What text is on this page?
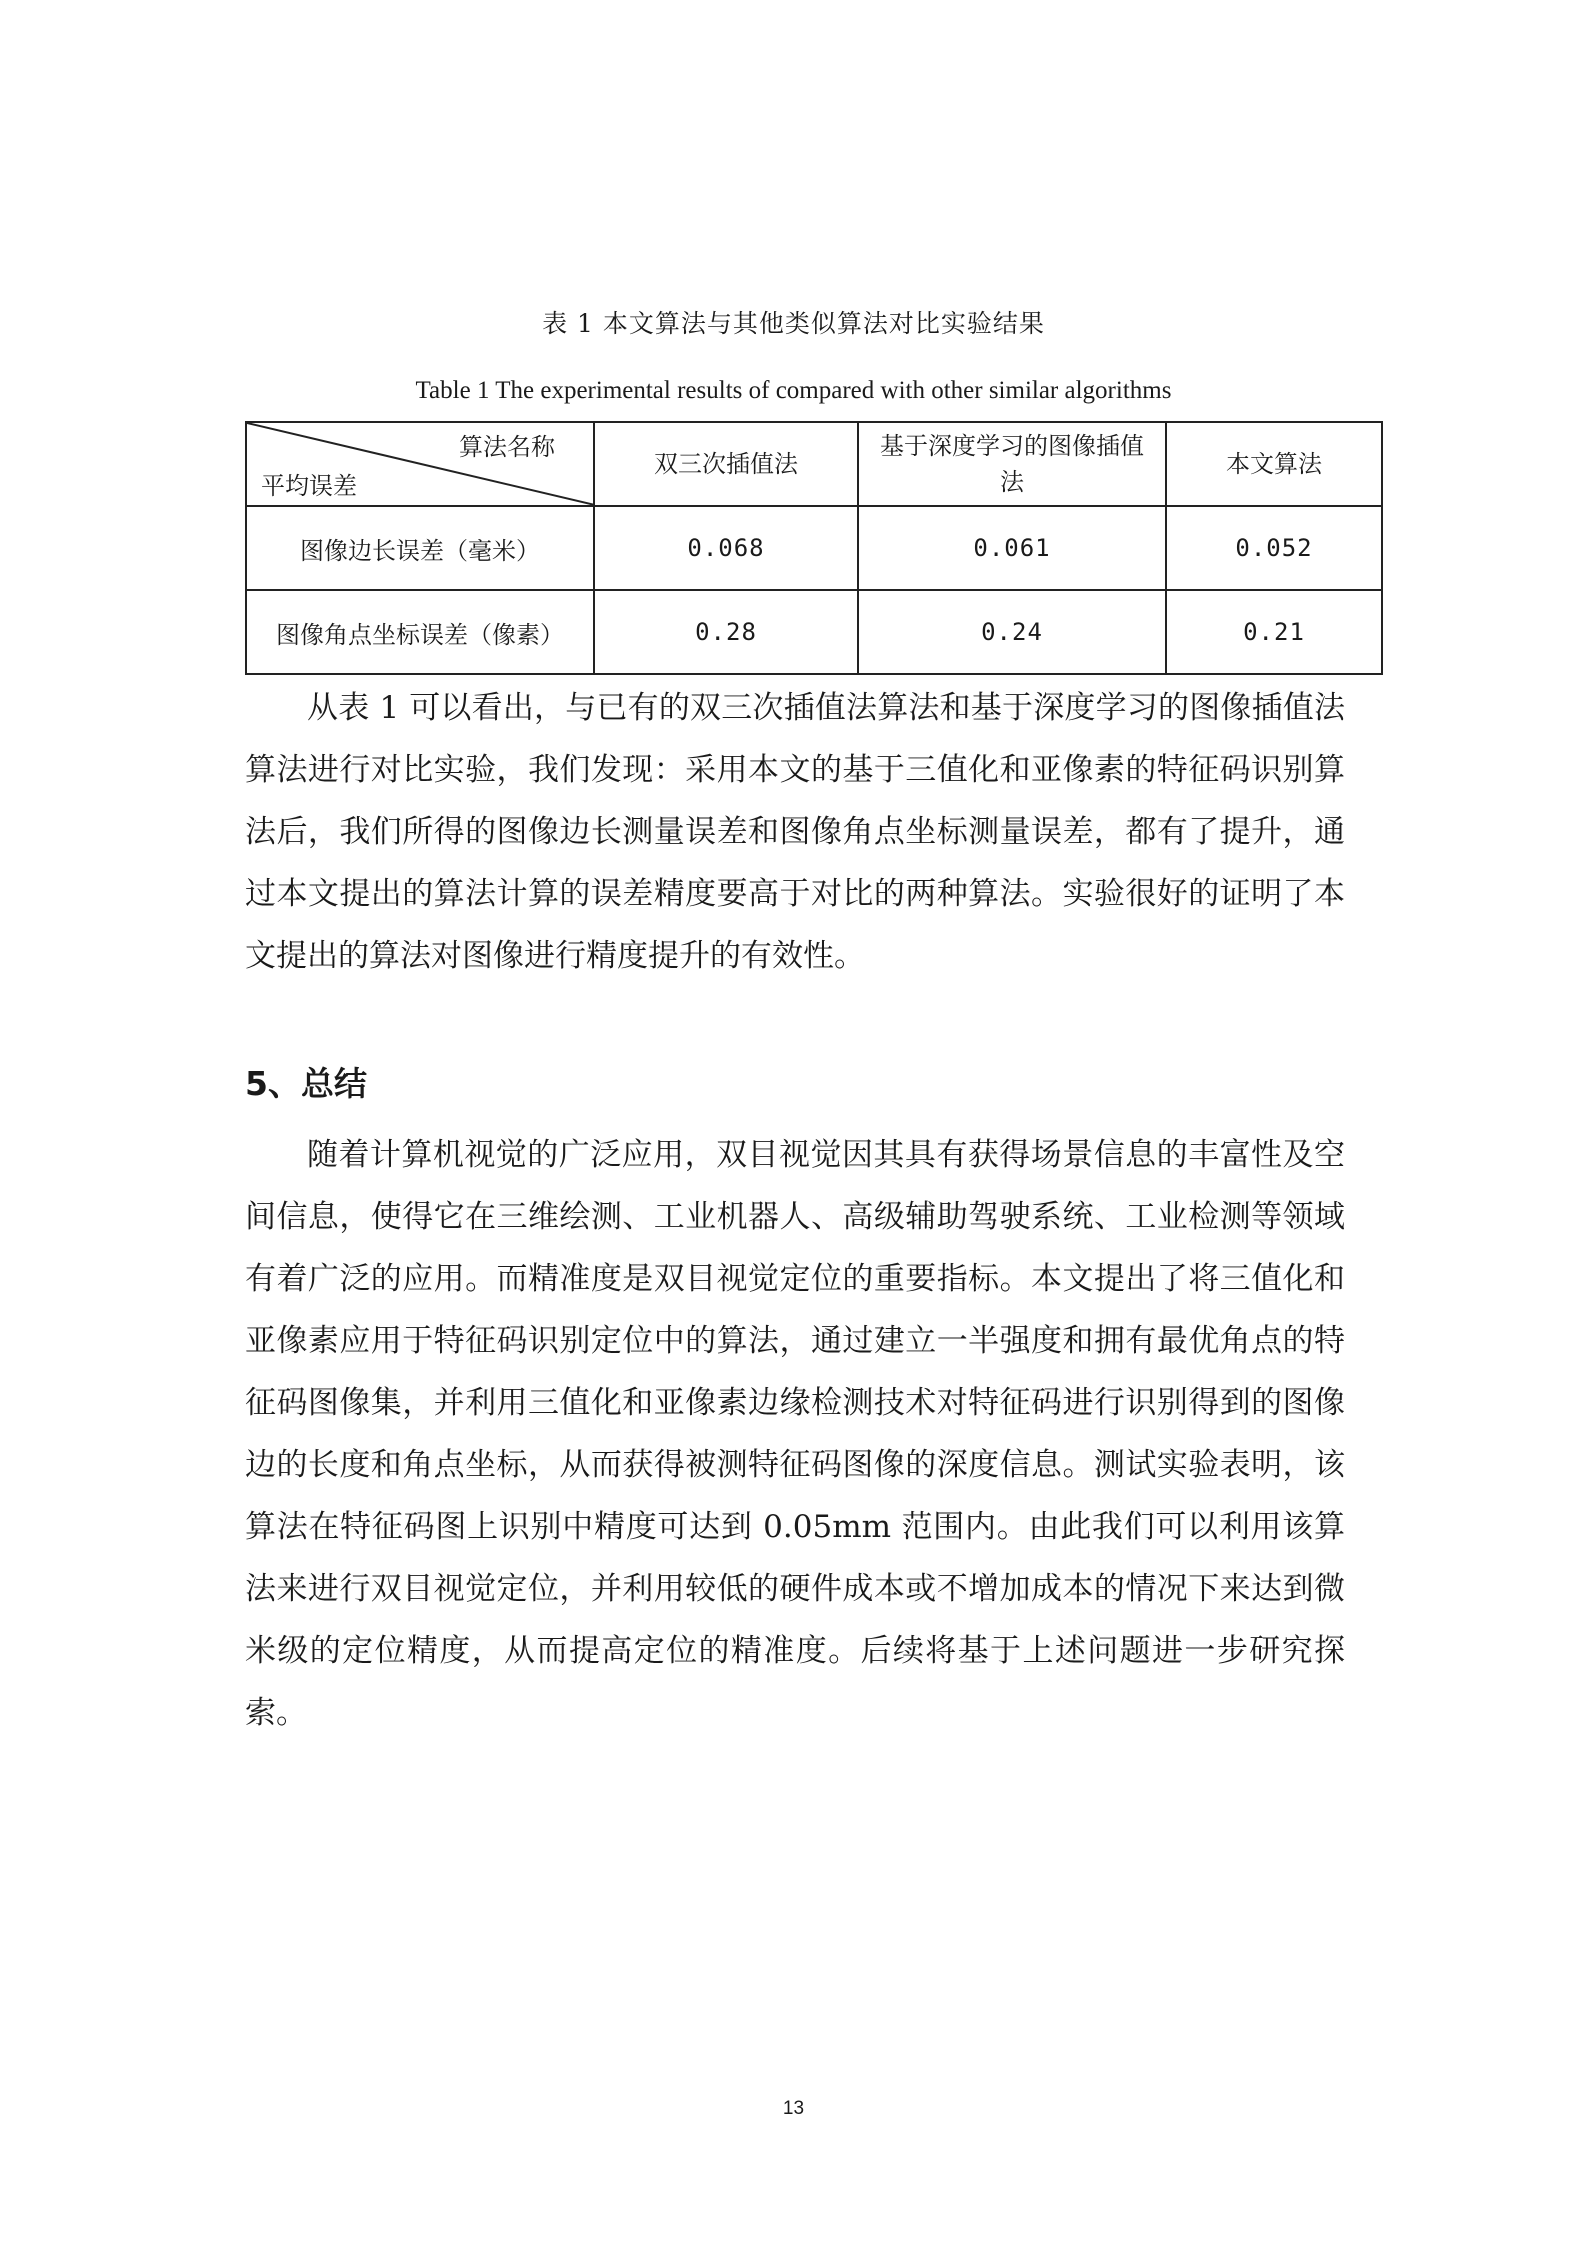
表 1 本文算法与其他类似算法对比实验结果
Table 1 The experimental results of compared with other similar algorithms
算法名称
平均误差	双三次插值法	基于深度学习的图像插值法	本文算法

图像边长误差（毫米）	0.068	0.061	0.052
图像角点坐标误差（像素）	0.28	0.24	0.21

从表 1 可以看出，与已有的双三次插值法算法和基于深度学习的图像插值法算法进行对比实验，我们发现：采用本文的基于三值化和亚像素的特征码识别算法后，我们所得的图像边长测量误差和图像角点坐标测量误差，都有了提升，通过本文提出的算法计算的误差精度要高于对比的两种算法。实验很好的证明了本文提出的算法对图像进行精度提升的有效性。

5、总结

随着计算机视觉的广泛应用，双目视觉因其具有获得场景信息的丰富性及空间信息，使得它在三维绘测、工业机器人、高级辅助驾驶系统、工业检测等领域有着广泛的应用。而精准度是双目视觉定位的重要指标。本文提出了将三值化和亚像素应用于特征码识别定位中的算法，通过建立一半强度和拥有最优角点的特征码图像集，并利用三值化和亚像素边缘检测技术对特征码进行识别得到的图像边的长度和角点坐标，从而获得被测特征码图像的深度信息。测试实验表明，该算法在特征码图上识别中精度可达到 0.05mm 范围内。由此我们可以利用该算法来进行双目视觉定位，并利用较低的硬件成本或不增加成本的情况下来达到微米级的定位精度，从而提高定位的精准度。后续将基于上述问题进一步研究探索。

13
